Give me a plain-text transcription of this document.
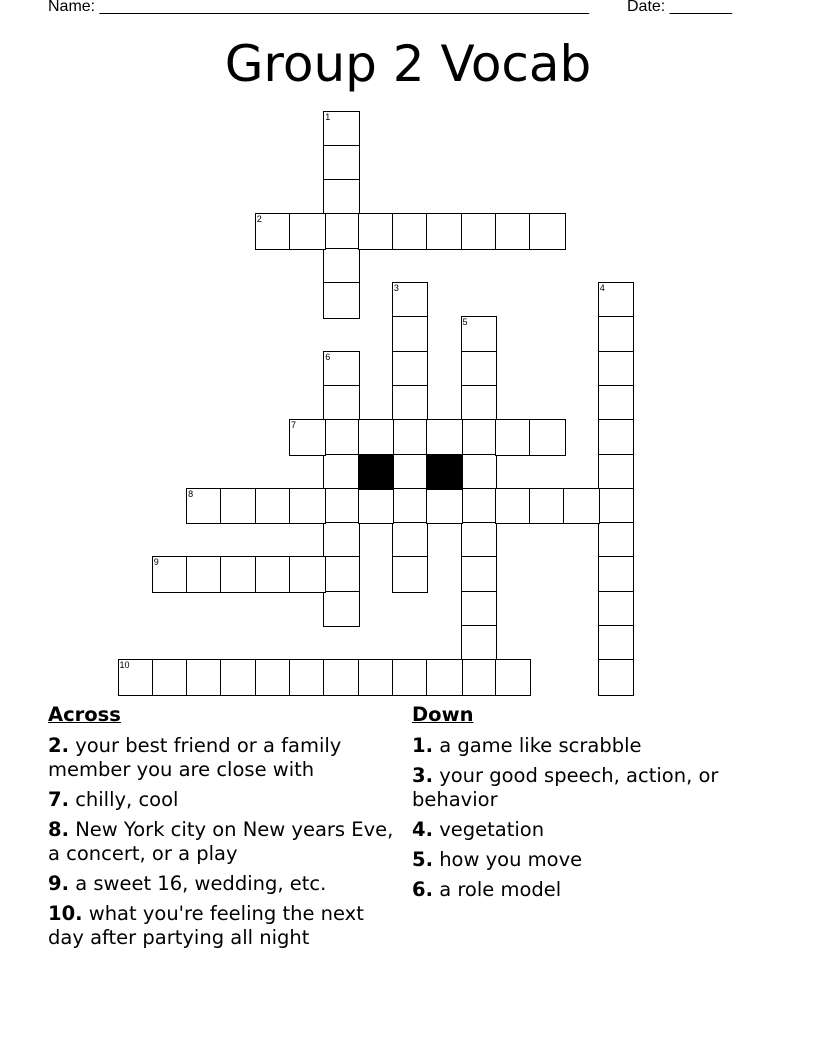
Name: _______________________________________________________ Date: _______
Group 2 Vocab
1
2
3	4
5
6
7
8
9
10
Across
2. your best friend or a family member you are close with
7. chilly, cool
8. New York city on New years Eve, a concert, or a play
9. a sweet 16, wedding, etc.
10. what you're feeling the next day after partying all night
Down
1. a game like scrabble
3. your good speech, action, or behavior
4. vegetation
5. how you move
6. a role model
